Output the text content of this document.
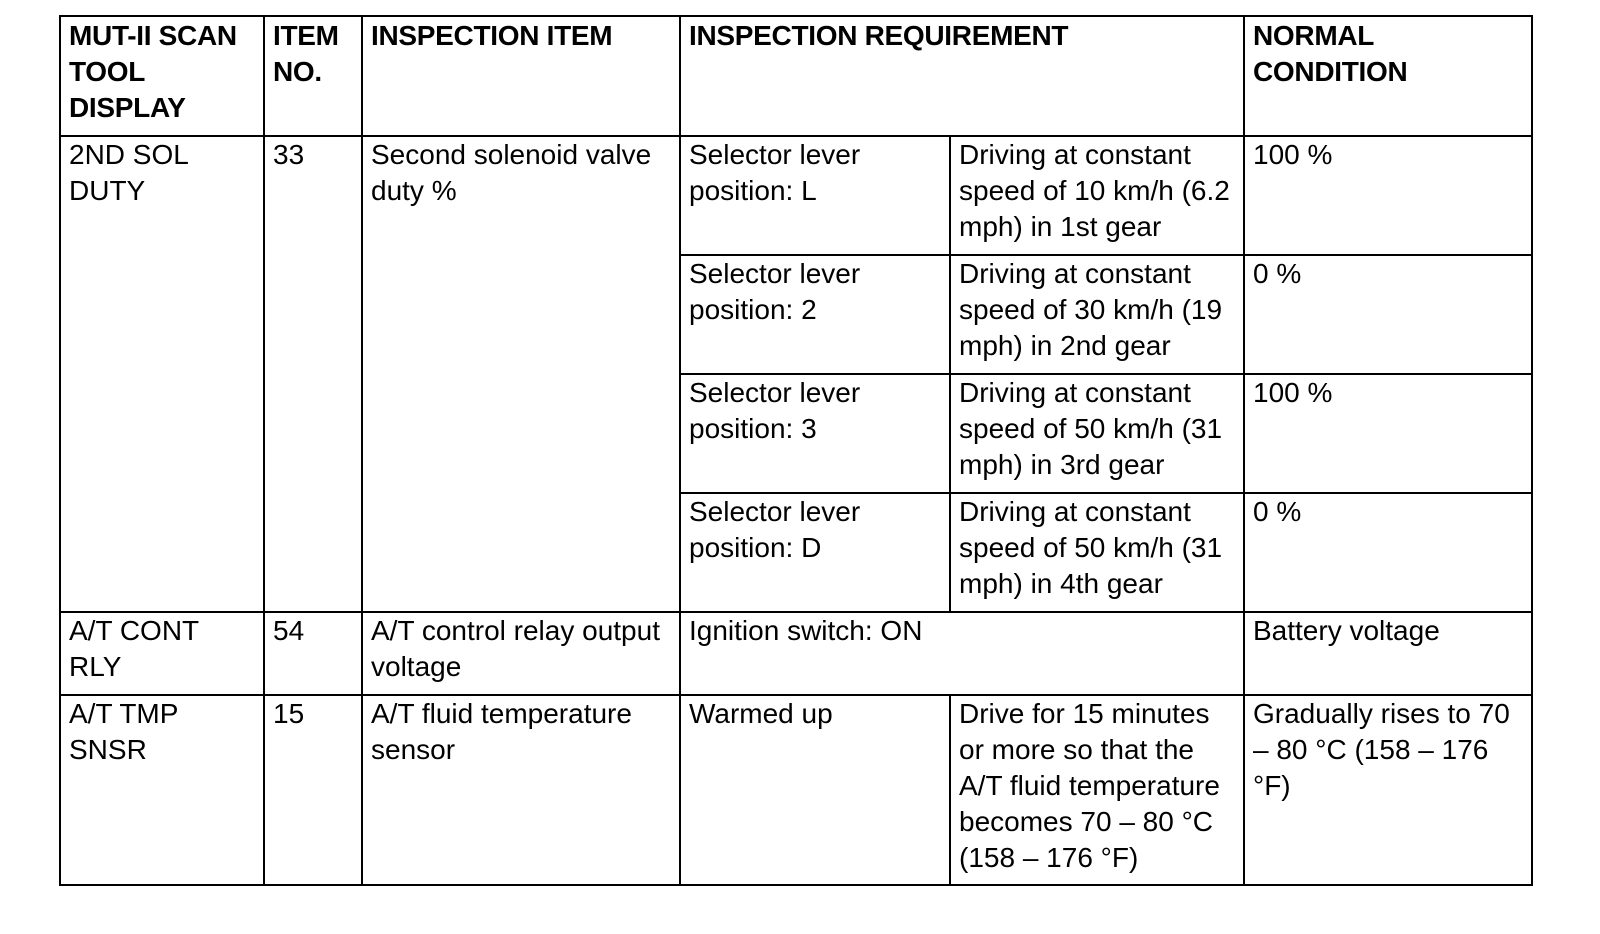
MUT-II SCAN TOOL DISPLAY	ITEM NO.	INSPECTION ITEM	INSPECTION REQUIREMENT		NORMAL CONDITION
2ND SOL DUTY	33	Second solenoid valve duty %	Selector lever position: L	Driving at constant speed of 10 km/h (6.2 mph) in 1st gear	100 %
			Selector lever position: 2	Driving at constant speed of 30 km/h (19 mph) in 2nd gear	0 %
			Selector lever position: 3	Driving at constant speed of 50 km/h (31 mph) in 3rd gear	100 %
			Selector lever position: D	Driving at constant speed of 50 km/h (31 mph) in 4th gear	0 %
A/T CONT RLY	54	A/T control relay output voltage	Ignition switch: ON		Battery voltage
A/T TMP SNSR	15	A/T fluid temperature sensor	Warmed up	Drive for 15 minutes or more so that the A/T fluid temperature becomes 70 – 80 °C (158 – 176 °F)	Gradually rises to 70 – 80 °C (158 – 176 °F)
